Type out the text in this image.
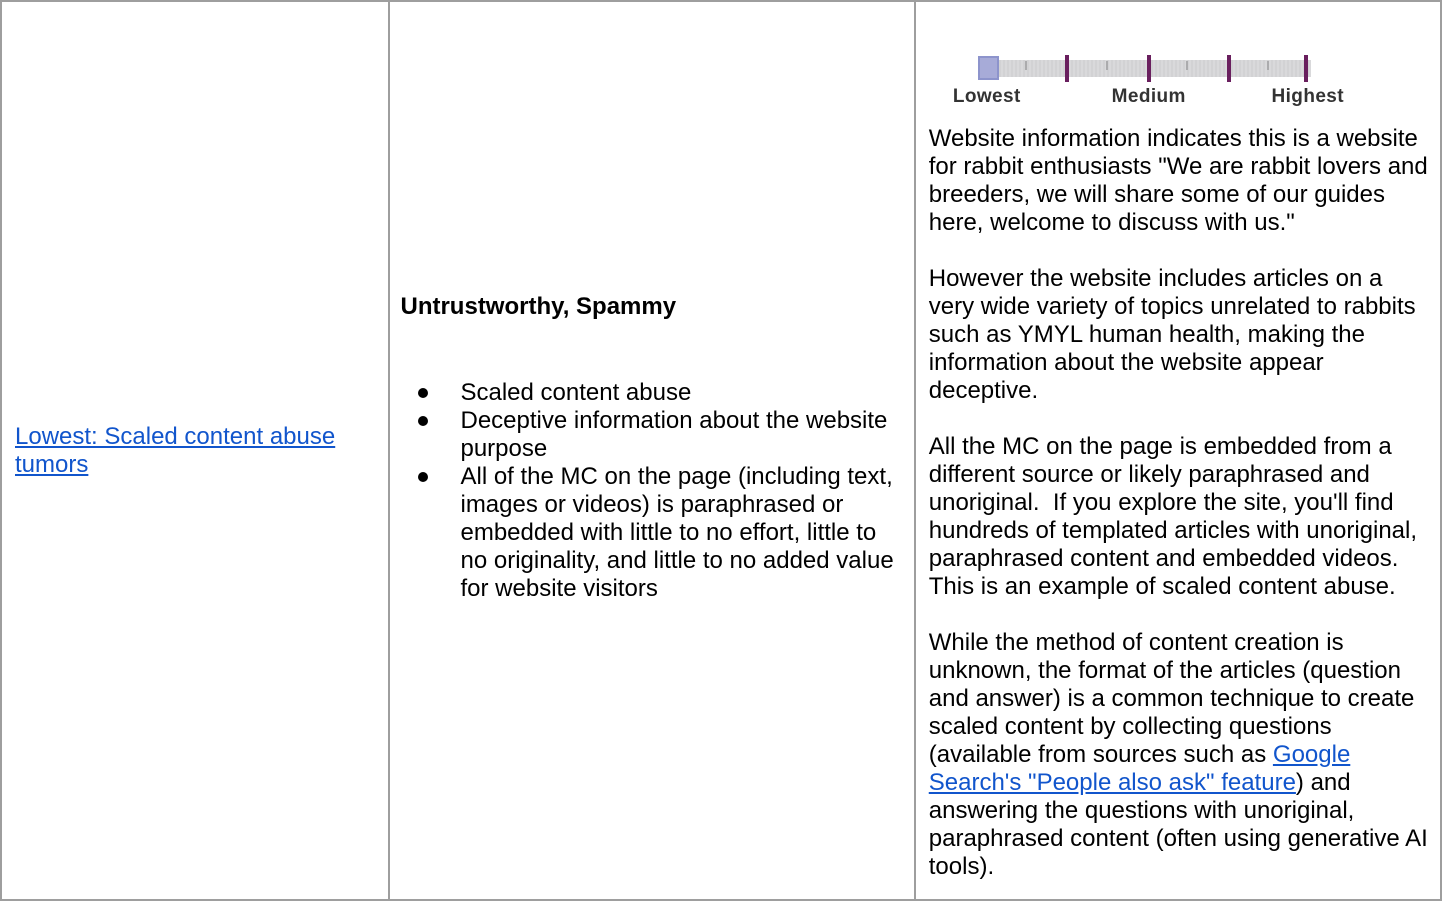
Lowest: Scaled content abuse tumors

Untrustworthy, Spammy

Scaled content abuse
Deceptive information about the website purpose
All of the MC on the page (including text, images or videos) is paraphrased or embedded with little to no effort, little to no originality, and little to no added value for website visitors
Lowest	Medium	Highest

Website information indicates this is a website for rabbit enthusiasts "We are rabbit lovers and breeders, we will share some of our guides here, welcome to discuss with us."

However the website includes articles on a very wide variety of topics unrelated to rabbits such as YMYL human health, making the information about the website appear deceptive.

All the MC on the page is embedded from a different source or likely paraphrased and unoriginal.  If you explore the site, you'll find hundreds of templated articles with unoriginal, paraphrased content and embedded videos. This is an example of scaled content abuse.

While the method of content creation is unknown, the format of the articles (question and answer) is a common technique to create scaled content by collecting questions (available from sources such as Google Search's "People also ask" feature) and answering the questions with unoriginal, paraphrased content (often using generative AI tools).
